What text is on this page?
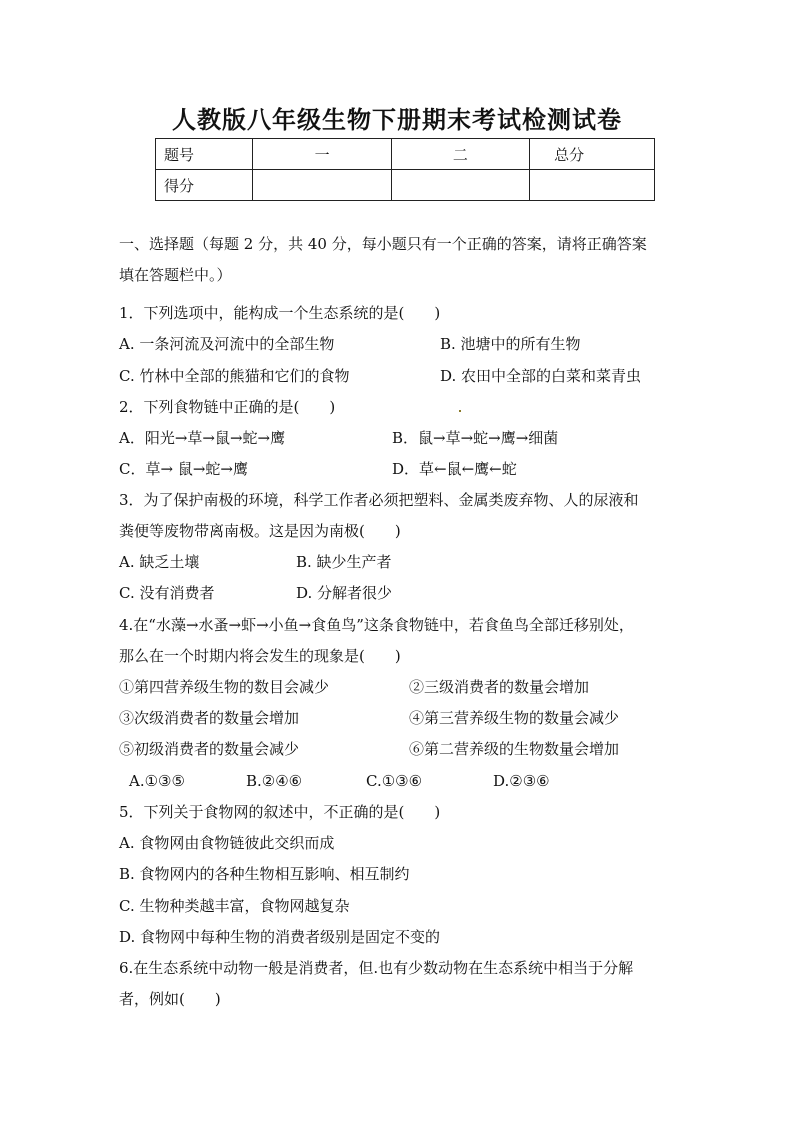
人教版八年级生物下册期末考试检测试卷
题号	一	二	总分
得分			
一、选择题（每题 2 分，共 40 分，每小题只有一个正确的答案，请将正确答案
填在答题栏中。）
1．下列选项中，能构成一个生态系统的是(　　)
A. 一条河流及河流中的全部生物	B. 池塘中的所有生物
C. 竹林中全部的熊猫和它们的食物	D. 农田中全部的白菜和菜青虫
2．下列食物链中正确的是(　　)
A．阳光→草→鼠→蛇→鹰	B．鼠→草→蛇→鹰→细菌
C．草→ 鼠→蛇→鹰	D．草←鼠←鹰←蛇
3．为了保护南极的环境，科学工作者必须把塑料、金属类废弃物、人的尿液和
粪便等废物带离南极。这是因为南极(　　)
A. 缺乏土壤	B. 缺少生产者
C. 没有消费者	D. 分解者很少
4.在“水藻→水蚤→虾→小鱼→食鱼鸟”这条食物链中，若食鱼鸟全部迁移别处，
那么在一个时期内将会发生的现象是(　　)
①第四营养级生物的数目会减少	②三级消费者的数量会增加
③次级消费者的数量会增加	④第三营养级生物的数量会减少
⑤初级消费者的数量会减少	⑥第二营养级的生物数量会增加
A.①③⑤	B.②④⑥	C.①③⑥	D.②③⑥
5．下列关于食物网的叙述中，不正确的是(　　)
A. 食物网由食物链彼此交织而成
B. 食物网内的各种生物相互影响、相互制约
C. 生物种类越丰富，食物网越复杂
D. 食物网中每种生物的消费者级别是固定不变的
6.在生态系统中动物一般是消费者，但.也有少数动物在生态系统中相当于分解
者，例如(　　)
